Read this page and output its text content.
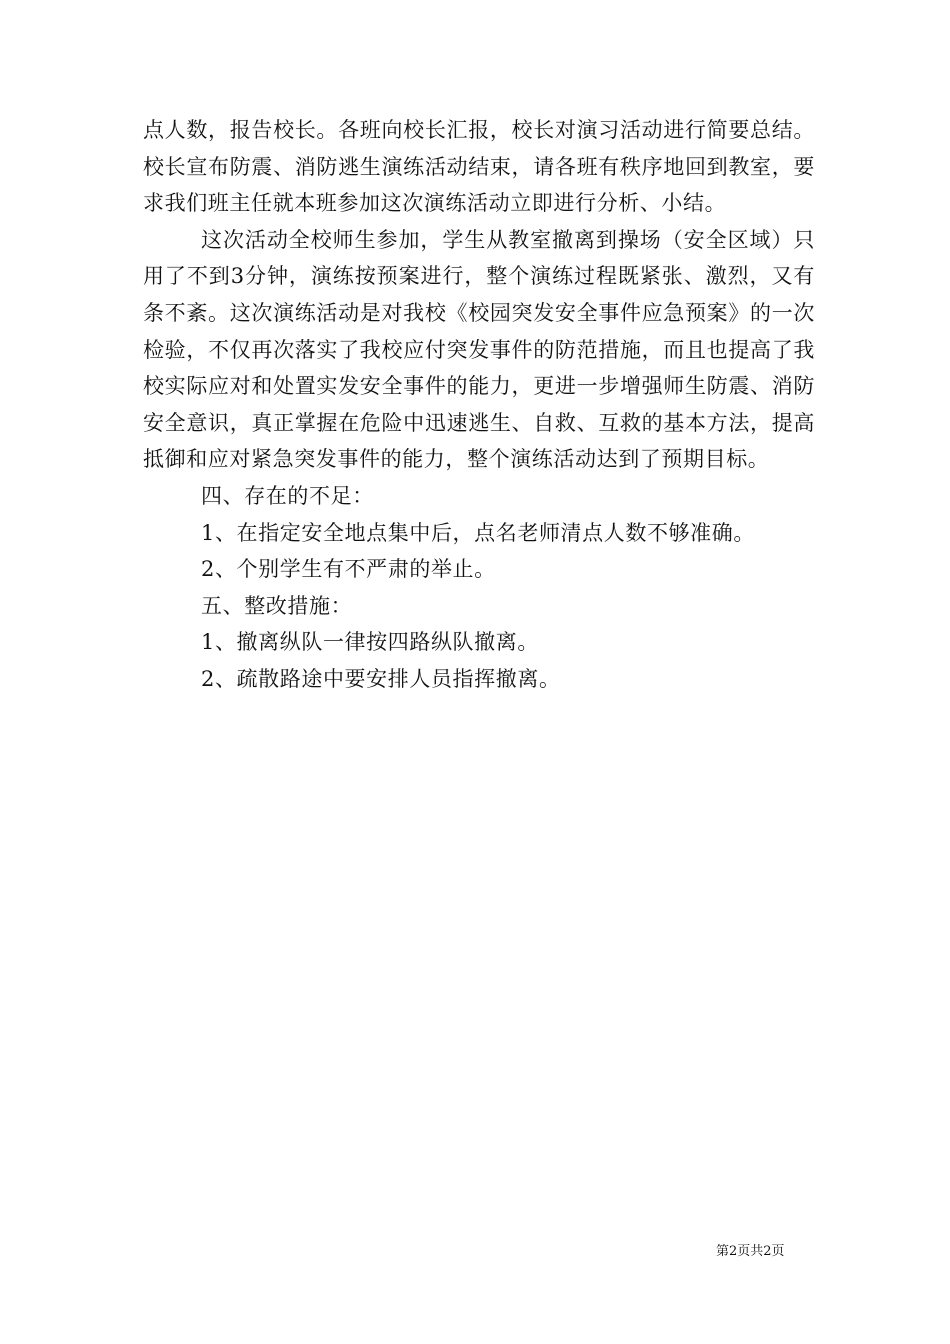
点人数，报告校长。各班向校长汇报，校长对演习活动进行简要总结。校长宣布防震、消防逃生演练活动结束，请各班有秩序地回到教室，要求我们班主任就本班参加这次演练活动立即进行分析、小结。

这次活动全校师生参加，学生从教室撤离到操场（安全区域）只用了不到3分钟，演练按预案进行，整个演练过程既紧张、激烈，又有条不紊。这次演练活动是对我校《校园突发安全事件应急预案》的一次检验，不仅再次落实了我校应付突发事件的防范措施，而且也提高了我校实际应对和处置实发安全事件的能力，更进一步增强师生防震、消防安全意识，真正掌握在危险中迅速逃生、自救、互救的基本方法，提高抵御和应对紧急突发事件的能力，整个演练活动达到了预期目标。

四、存在的不足：

1、在指定安全地点集中后，点名老师清点人数不够准确。

2、个别学生有不严肃的举止。

五、整改措施：

1、撤离纵队一律按四路纵队撤离。

2、疏散路途中要安排人员指挥撤离。

第2页共2页
